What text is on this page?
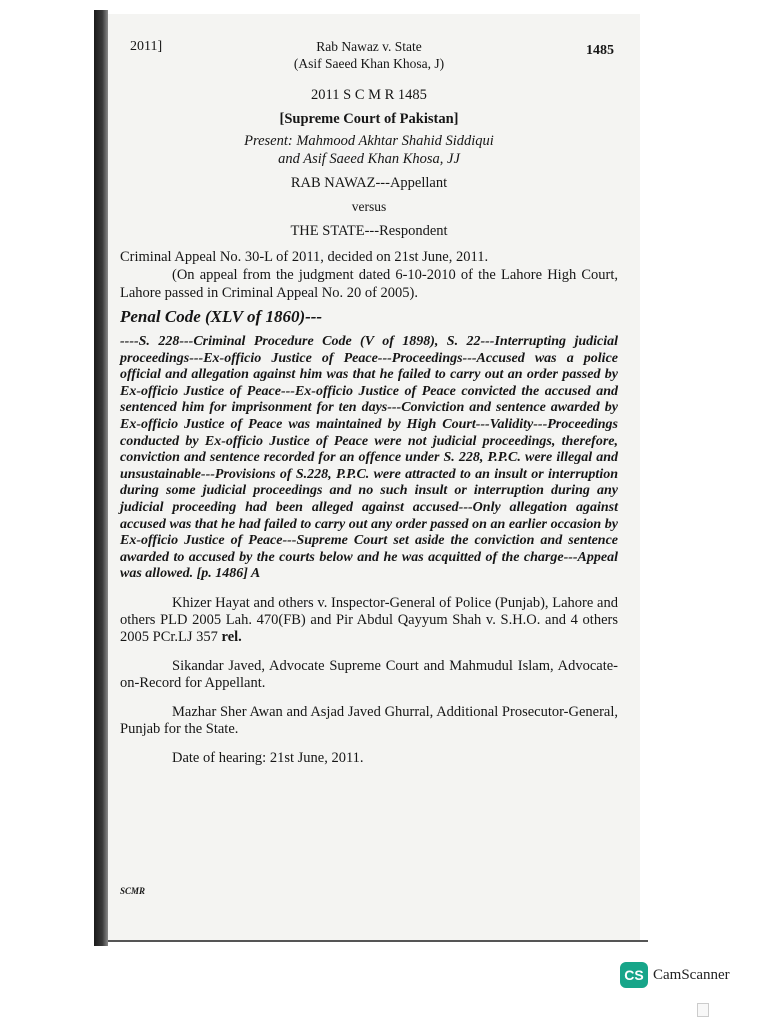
2011]	Rab Nawaz v. State
(Asif Saeed Khan Khosa, J)
1485
2011 S C M R 1485
[Supreme Court of Pakistan]
Present: Mahmood Akhtar Shahid Siddiqui
and Asif Saeed Khan Khosa, JJ
RAB NAWAZ---Appellant
versus
THE STATE---Respondent
Criminal Appeal No. 30-L of 2011, decided on 21st June, 2011.
(On appeal from the judgment dated 6-10-2010 of the Lahore High Court, Lahore passed in Criminal Appeal No. 20 of 2005).
Penal Code (XLV of 1860)---
----S. 228---Criminal Procedure Code (V of 1898), S. 22---Interrupting judicial proceedings---Ex-officio Justice of Peace---Proceedings---Accused was a police official and allegation against him was that he failed to carry out an order passed by Ex-officio Justice of Peace---Ex-officio Justice of Peace convicted the accused and sentenced him for imprisonment for ten days---Conviction and sentence awarded by Ex-officio Justice of Peace was maintained by High Court---Validity---Proceedings conducted by Ex-officio Justice of Peace were not judicial proceedings, therefore, conviction and sentence recorded for an offence under S. 228, P.P.C. were illegal and unsustainable---Provisions of S.228, P.P.C. were attracted to an insult or interruption during some judicial proceedings and no such insult or interruption during any judicial proceeding had been alleged against accused---Only allegation against accused was that he had failed to carry out any order passed on an earlier occasion by Ex-officio Justice of Peace---Supreme Court set aside the conviction and sentence awarded to accused by the courts below and he was acquitted of the charge---Appeal was allowed. [p. 1486] A
Khizer Hayat and others v. Inspector-General of Police (Punjab), Lahore and others PLD 2005 Lah. 470(FB) and Pir Abdul Qayyum Shah v. S.H.O. and 4 others 2005 PCr.LJ 357 rel.
Sikandar Javed, Advocate Supreme Court and Mahmudul Islam, Advocate-on-Record for Appellant.
Mazhar Sher Awan and Asjad Javed Ghurral, Additional Prosecutor-General, Punjab for the State.
Date of hearing: 21st June, 2011.
SCMR
CS CamScanner
